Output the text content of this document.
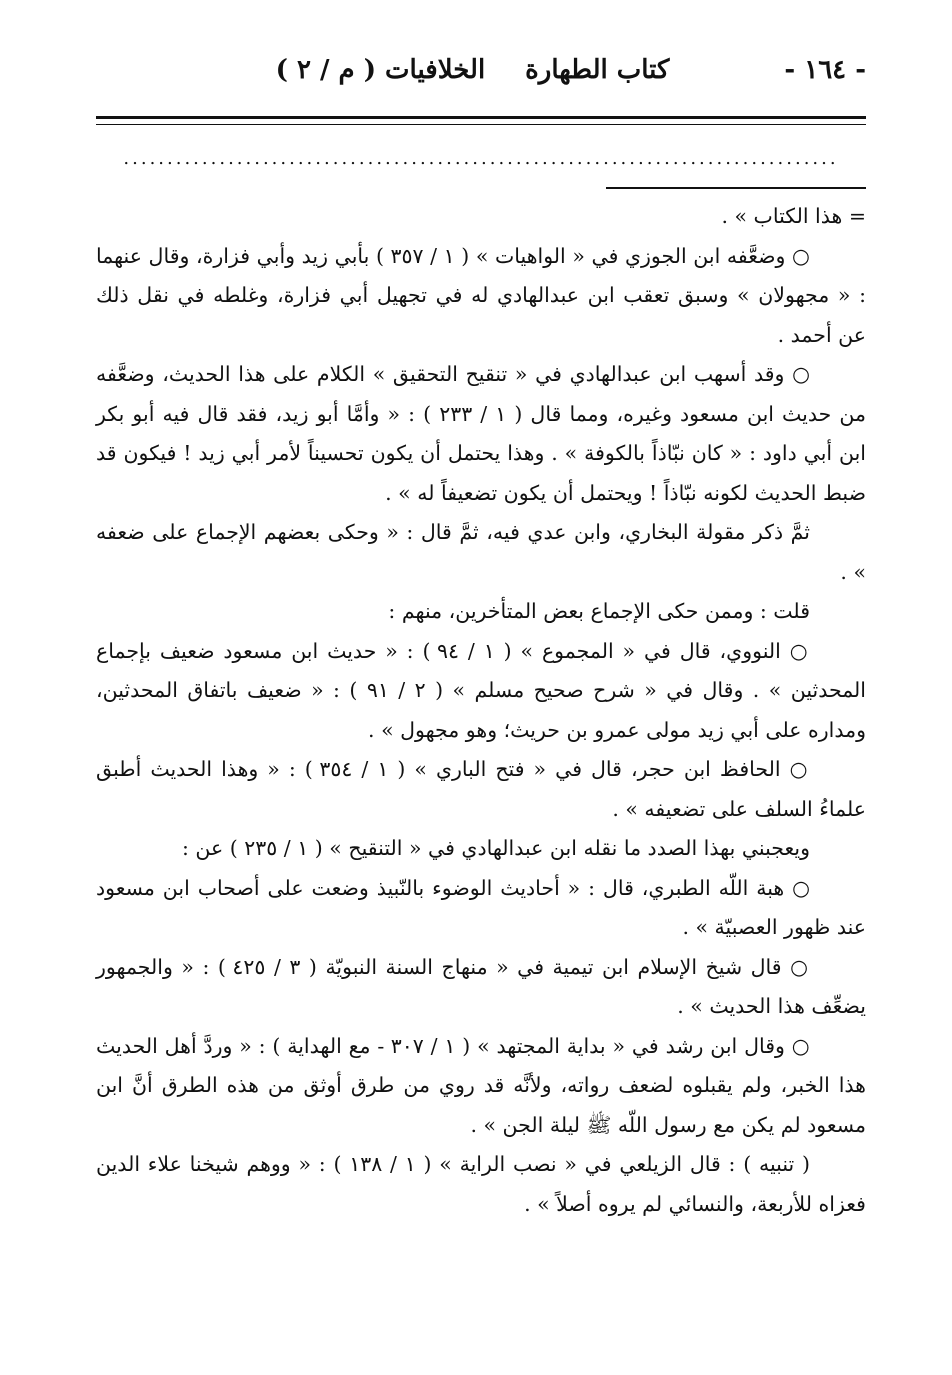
- ١٦٤ -
كتاب الطهارة
الخلافيات ( م / ٢ )
..................................................................................

= هذا الكتاب » .

○ وضعَّفه ابن الجوزي في « الواهيات » ( ١ / ٣٥٧ ) بأبي زيد وأبي فزارة، وقال عنهما : « مجهولان » وسبق تعقب ابن عبدالهادي له في تجهيل أبي فزارة، وغلطه في نقل ذلك عن أحمد .

○ وقد أسهب ابن عبدالهادي في « تنقيح التحقيق » الكلام على هذا الحديث، وضعَّفه من حديث ابن مسعود وغيره، ومما قال ( ١ / ٢٣٣ ) : « وأمَّا أبو زيد، فقد قال فيه أبو بكر ابن أبي داود : « كان نبّاذاً بالكوفة » . وهذا يحتمل أن يكون تحسيناً لأمر أبي زيد ! فيكون قد ضبط الحديث لكونه نبّاذاً ! ويحتمل أن يكون تضعيفاً له » .

ثمَّ ذكر مقولة البخاري، وابن عدي فيه، ثمَّ قال : « وحكى بعضهم الإجماع على ضعفه » .

قلت : وممن حكى الإجماع بعض المتأخرين، منهم :

○ النووي، قال في « المجموع » ( ١ / ٩٤ ) : « حديث ابن مسعود ضعيف بإجماع المحدثين » . وقال في « شرح صحيح مسلم » ( ٢ / ٩١ ) : « ضعيف باتفاق المحدثين، ومداره على أبي زيد مولى عمرو بن حريث؛ وهو مجهول » .

○ الحافظ ابن حجر، قال في « فتح الباري » ( ١ / ٣٥٤ ) : « وهذا الحديث أطبق علماءُ السلف على تضعيفه » .

ويعجبني بهذا الصدد ما نقله ابن عبدالهادي في « التنقيح » ( ١ / ٢٣٥ ) عن :

○ هبة اللّه الطبري، قال : « أحاديث الوضوء بالنّبيذ وضعت على أصحاب ابن مسعود عند ظهور العصبيّة » .

○ قال شيخ الإسلام ابن تيمية في « منهاج السنة النبويّة ( ٣ / ٤٢٥ ) : « والجمهور يضعِّف هذا الحديث » .

○ وقال ابن رشد في « بداية المجتهد » ( ١ / ٣٠٧ - مع الهداية ) : « وردَّ أهل الحديث هذا الخبر، ولم يقبلوه لضعف رواته، ولأنَّه قد روي من طرق أوثق من هذه الطرق أنَّ ابن مسعود لم يكن مع رسول اللّه ﷺ ليلة الجن » .

( تنبيه ) : قال الزيلعي في « نصب الراية » ( ١ / ١٣٨ ) : « ووهم شيخنا علاء الدين فعزاه للأربعة، والنسائي لم يروه أصلاً » .
